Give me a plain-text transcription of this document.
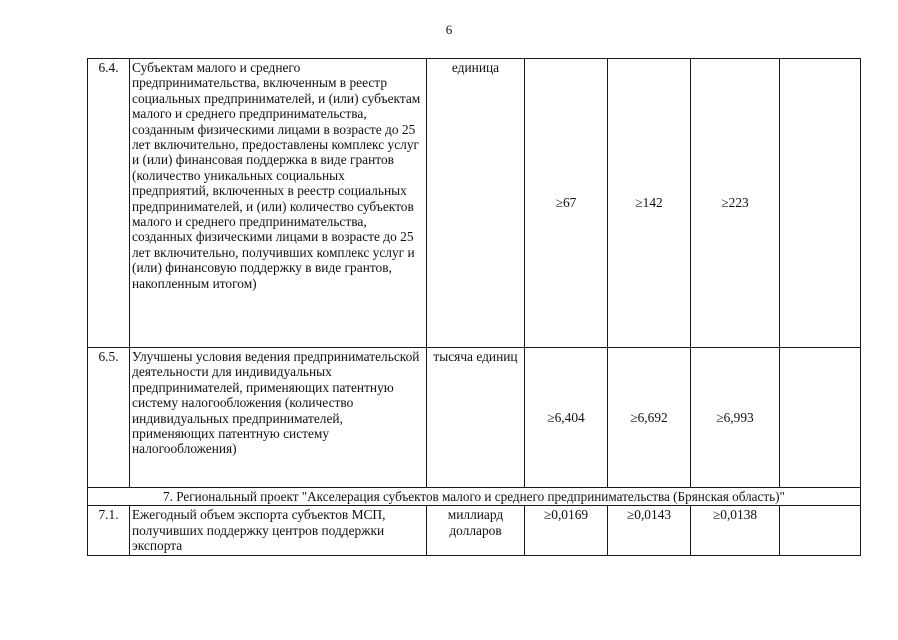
6
6.4.	Субъектам малого и среднего предпринимательства, включенным в реестр социальных предпринимателей, и (или) субъектам малого и среднего предпринимательства, созданным физическими лицами в возрасте до 25 лет включительно, предоставлены комплекс услуг и (или) финансовая поддержка в виде грантов (количество уникальных социальных предприятий, включенных в реестр социальных предпринимателей, и (или) количество субъектов малого и среднего предпринимательства, созданных физическими лицами в возрасте до 25 лет включительно, получивших комплекс услуг и (или) финансовую поддержку в виде грантов, накопленным итогом)	единица	≥67	≥142	≥223	
6.5.	Улучшены условия ведения предпринимательской деятельности для индивидуальных предпринимателей, применяющих патентную систему налогообложения (количество индивидуальных предпринимателей, применяющих патентную систему налогообложения)	тысяча единиц	≥6,404	≥6,692	≥6,993	
7. Региональный проект "Акселерация субъектов малого и среднего предпринимательства (Брянская область)"						
7.1.	Ежегодный объем экспорта субъектов МСП, получивших поддержку центров поддержки экспорта	миллиард долларов	≥0,0169	≥0,0143	≥0,0138	
